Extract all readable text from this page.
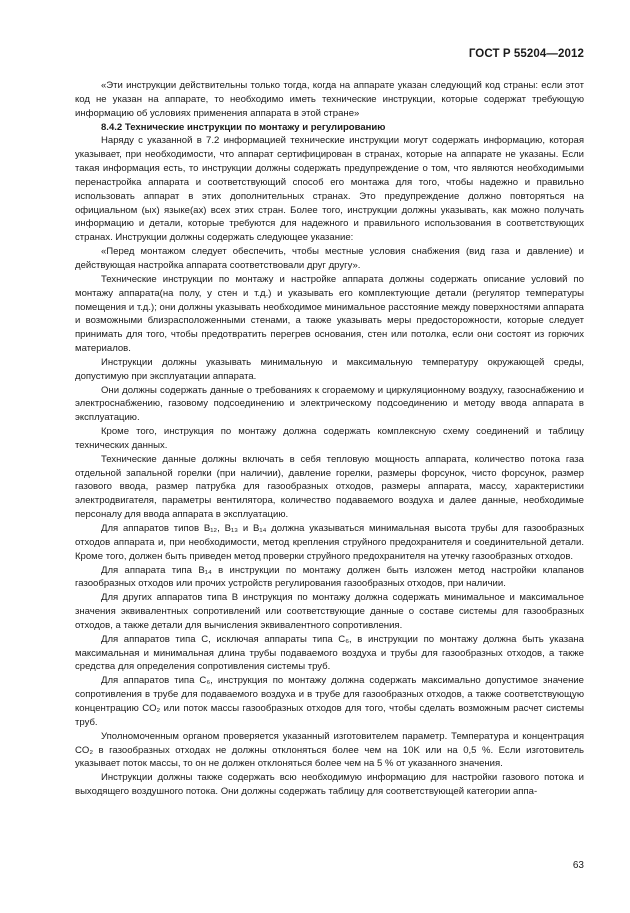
ГОСТ Р 55204—2012

«Эти инструкции действительны только тогда, когда на аппарате указан следующий код страны: если этот код не указан на аппарате, то необходимо иметь технические инструкции, которые содержат требующую информацию об условиях применения аппарата в этой стране»

8.4.2 Технические инструкции по монтажу и регулированию

Наряду с указанной в 7.2 информацией технические инструкции могут содержать информацию, которая указывает, при необходимости, что аппарат сертифицирован в странах, которые на аппарате не указаны. Если такая информация есть, то инструкции должны содержать предупреждение о том, что являются необходимыми перенастройка аппарата и соответствующий способ его монтажа для того, чтобы надежно и правильно использовать аппарат в этих дополнительных странах. Это предупреждение должно повторяться на официальном (ых) языке(ах) всех этих стран. Более того, инструкции должны указывать, как можно получать информацию и детали, которые требуются для надежного и правильного использования в соответствующих странах. Инструкции должны содержать следующее указание:

«Перед монтажом следует обеспечить, чтобы местные условия снабжения (вид газа и давление) и действующая настройка аппарата соответствовали друг другу».

Технические инструкции по монтажу и настройке аппарата должны содержать описание условий по монтажу аппарата(на полу, у стен и т.д.) и указывать его комплектующие детали (регулятор температуры помещения и т.д.); они должны указывать необходимое минимальное расстояние между поверхностями аппарата и возможными близрасположенными стенами, а также указывать меры предосторожности, которые следует принимать для того, чтобы предотвратить перегрев основания, стен или потолка, если они состоят из горючих материалов.

Инструкции должны указывать минимальную и максимальную температуру окружающей среды, допустимую при эксплуатации аппарата.

Они должны содержать данные о требованиях к сгораемому и циркуляционному воздуху, газоснабжению и электроснабжению, газовому подсоединению и электрическому подсоединению и методу ввода аппарата в эксплуатацию.

Кроме того, инструкция по монтажу должна содержать комплексную схему соединений и таблицу технических данных.

Технические данные должны включать в себя тепловую мощность аппарата, количество потока газа отдельной запальной горелки (при наличии), давление горелки, размеры форсунок, чисто форсунок, размер газового ввода, размер патрубка для газообразных отходов, размеры аппарата, массу, характеристики электродвигателя, параметры вентилятора, количество подаваемого воздуха и далее данные, необходимые персоналу для ввода аппарата в эксплуатацию.

Для аппаратов типов B₁₂, B₁₃ и B₁₄ должна указываться минимальная высота трубы для газообразных отходов аппарата и, при необходимости, метод крепления струйного предохранителя и соединительной детали. Кроме того, должен быть приведен метод проверки струйного предохранителя на утечку газообразных отходов.

Для аппарата типа B₁₄ в инструкции по монтажу должен быть изложен метод настройки клапанов газообразных отходов или прочих устройств регулирования газообразных отходов, при наличии.

Для других аппаратов типа B инструкция по монтажу должна содержать минимальное и максимальное значения эквивалентных сопротивлений или соответствующие данные о составе системы для газообразных отходов, а также детали для вычисления эквивалентного сопротивления.

Для аппаратов типа C, исключая аппараты типа C₆, в инструкции по монтажу должна быть указана максимальная и минимальная длина трубы подаваемого воздуха и трубы для газообразных отходов, а также средства для определения сопротивления системы труб.

Для аппаратов типа C₆, инструкция по монтажу должна содержать максимально допустимое значение сопротивления в трубе для подаваемого воздуха и в трубе для газообразных отходов, а также соответствующую концентрацию CO₂ или поток массы газообразных отходов для того, чтобы сделать возможным расчет системы труб.

Уполномоченным органом проверяется указанный изготовителем параметр. Температура и концентрация CO₂ в газообразных отходах не должны отклоняться более чем на 10K или на 0,5 %. Если изготовитель указывает поток массы, то он не должен отклоняться более чем на 5 % от указанного значения.

Инструкции должны также содержать всю необходимую информацию для настройки газового потока и выходящего воздушного потока. Они должны содержать таблицу для соответствующей категории аппа-

63
